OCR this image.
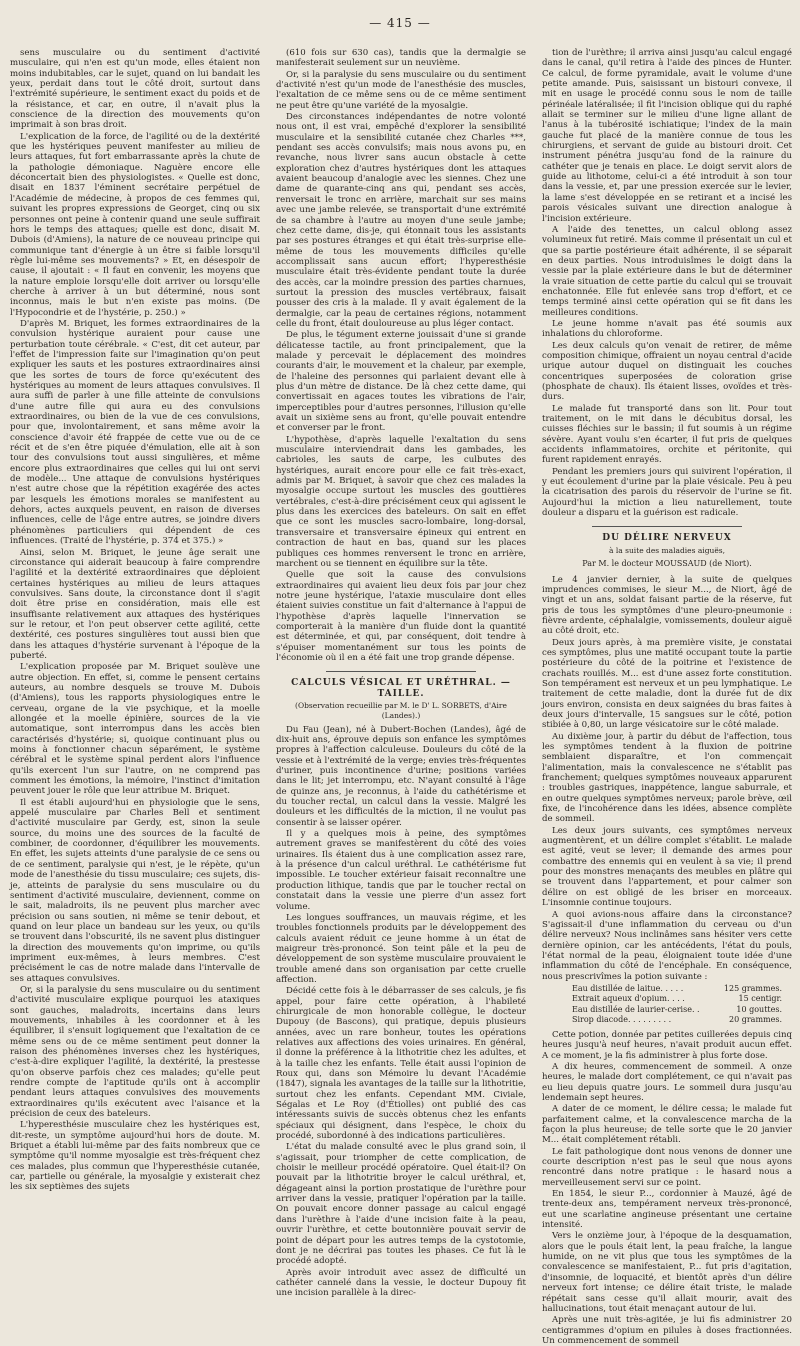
— 415 —

sens musculaire ou du sentiment d'activité musculaire, qui n'en est qu'un mode, elles étaient non moins indubitables, car le sujet, quand on lui bandait les yeux, perdait dans tout le côté droit, surtout dans l'extrémité supérieure, le sentiment exact du poids et de la résistance, et car, en outre, il n'avait plus la conscience de la direction des mouvements qu'on imprimait à son bras droit.

L'explication de la force, de l'agilité ou de la dextérité que les hystériques peuvent manifester au milieu de leurs attaques, fut fort embarrassante après la chute de la pathologie démoniaque. Naguère encore elle déconcertait bien des physiologistes. « Quelle est donc, disait en 1837 l'éminent secrétaire perpétuel de l'Académie de médecine, à propos de ces femmes qui, suivant les propres expressions de Georget, cinq ou six personnes ont peine à contenir quand une seule suffirait hors le temps des attaques; quelle est donc, disait M. Dubois (d'Amiens), la nature de ce nouveau principe qui communique tant d'énergie à un être si faible lorsqu'il règle lui-même ses mouvements? » Et, en désespoir de cause, il ajoutait : « Il faut en convenir, les moyens que la nature emploie lorsqu'elle doit arriver ou lorsqu'elle cherche à arriver à un but déterminé, nous sont inconnus, mais le but n'en existe pas moins. (De l'Hypocondrie et de l'hystérie, p. 250.) »

D'après M. Briquet, les formes extraordinaires de la convulsion hystérique auraient pour cause une perturbation toute cérébrale. « C'est, dit cet auteur, par l'effet de l'impression faite sur l'imagination qu'on peut expliquer les sauts et les postures extraordinaires ainsi que les sortes de tours de force qu'exécutent des hystériques au moment de leurs attaques convulsives. Il aura suffi de parler à une fille atteinte de convulsions d'une autre fille qui aura eu des convulsions extraordinaires, ou bien de la vue de ces convulsions, pour que, involontairement, et sans même avoir la conscience d'avoir été frappée de cette vue ou de ce récit et de s'en être piquée d'émulation, elle ait à son tour des convulsions tout aussi singulières, et même encore plus extraordinaires que celles qui lui ont servi de modèle... Une attaque de convulsions hystériques n'est autre chose que la répétition exagérée des actes par lesquels les émotions morales se manifestent au dehors, actes auxquels peuvent, en raison de diverses influences, celle de l'âge entre autres, se joindre divers phénomènes particuliers qui dépendent de ces influences. (Traité de l'hystérie, p. 374 et 375.) »

Ainsi, selon M. Briquet, le jeune âge serait une circonstance qui aiderait beaucoup à faire comprendre l'agilité et la dextérité extraordinaires que déploient certaines hystériques au milieu de leurs attaques convulsives. Sans doute, la circonstance dont il s'agit doit être prise en considération, mais elle est insuffisante relativement aux attaques des hystériques sur le retour, et l'on peut observer cette agilité, cette dextérité, ces postures singulières tout aussi bien que dans les attaques d'hystérie survenant à l'époque de la puberté.

L'explication proposée par M. Briquet soulève une autre objection. En effet, si, comme le pensent certains auteurs, au nombre desquels se trouve M. Dubois (d'Amiens), tous les rapports physiologiques entre le cerveau, organe de la vie psychique, et la moelle allongée et la moelle épinière, sources de la vie automatique, sont interrompus dans les accès bien caractérisés d'hystérie; si, quoique continuant plus ou moins à fonctionner chacun séparément, le système cérébral et le système spinal perdent alors l'influence qu'ils exercent l'un sur l'autre, on ne comprend pas comment les émotions, la mémoire, l'instinct d'imitation peuvent jouer le rôle que leur attribue M. Briquet.

Il est établi aujourd'hui en physiologie que le sens, appelé musculaire par Charles Bell et sentiment d'activité musculaire par Gerdy, est, sinon la seule source, du moins une des sources de la faculté de combiner, de coordonner, d'équilibrer les mouvements. En effet, les sujets atteints d'une paralysie de ce sens ou de ce sentiment, paralysie qui n'est, je le répète, qu'un mode de l'anesthésie du tissu musculaire; ces sujets, dis-je, atteints de paralysie du sens musculaire ou du sentiment d'activité musculaire, deviennent, comme on le sait, maladroits, ils ne peuvent plus marcher avec précision ou sans soutien, ni même se tenir debout, et quand on leur place un bandeau sur les yeux, ou qu'ils se trouvent dans l'obscurité, ils ne savent plus distinguer la direction des mouvements qu'on imprime, ou qu'ils impriment eux-mêmes, à leurs membres. C'est précisément le cas de notre malade dans l'intervalle de ses attaques convulsives.

Or, si la paralysie du sens musculaire ou du sentiment d'activité musculaire explique pourquoi les ataxiques sont gauches, maladroits, incertains dans leurs mouvements, inhabiles à les coordonner et à les équilibrer, il s'ensuit logiquement que l'exaltation de ce même sens ou de ce même sentiment peut donner la raison des phénomènes inverses chez les hystériques, c'est-à-dire expliquer l'agilité, la dextérité, la prestesse qu'on observe parfois chez ces malades; qu'elle peut rendre compte de l'aptitude qu'ils ont à accomplir pendant leurs attaques convulsives des mouvements extraordinaires qu'ils exécutent avec l'aisance et la précision de ceux des bateleurs.

L'hyperesthésie musculaire chez les hystériques est, dit-reste, un symptôme aujourd'hui hors de doute. M. Briquet a établi lui-même par des faits nombreux que ce symptôme qu'il nomme myosalgie est très-fréquent chez ces malades, plus commun que l'hyperesthésie cutanée, car, partielle ou générale, la myosalgie y existerait chez les six septièmes des sujets

(610 fois sur 630 cas), tandis que la dermalgie se manifesterait seulement sur un neuvième.

Or, si la paralysie du sens musculaire ou du sentiment d'activité n'est qu'un mode de l'anesthésie des muscles, l'exaltation de ce même sens ou de ce même sentiment ne peut être qu'une variété de la myosalgie.

Des circonstances indépendantes de notre volonté nous ont, il est vrai, empêché d'explorer la sensibilité musculaire et la sensibilité cutanée chez Charles ***, pendant ses accès convulsifs; mais nous avons pu, en revanche, nous livrer sans aucun obstacle à cette exploration chez d'autres hystériques dont les attaques avaient beaucoup d'analogie avec les siennes. Chez une dame de quarante-cinq ans qui, pendant ses accès, renversait le tronc en arrière, marchait sur ses mains avec une jambe relevée, se transportait d'une extrémité de sa chambre à l'autre au moyen d'une seule jambe; chez cette dame, dis-je, qui étonnait tous les assistants par ses postures étranges et qui était très-surprise elle-même de tous les mouvements difficiles qu'elle accomplissait sans aucun effort; l'hyperesthésie musculaire était très-évidente pendant toute la durée des accès, car la moindre pression des parties charnues, surtout la pression des muscles vertébraux, faisait pousser des cris à la malade. Il y avait également de la dermalgie, car la peau de certaines régions, notamment celle du front, était douloureuse au plus léger contact.

De plus, le tégument externe jouissait d'une si grande délicatesse tactile, au front principalement, que la malade y percevait le déplacement des moindres courants d'air, le mouvement et la chaleur, par exemple, de l'haleine des personnes qui parlaient devant elle à plus d'un mètre de distance. De là chez cette dame, qui convertissait en agaces toutes les vibrations de l'air, imperceptibles pour d'autres personnes, l'illusion qu'elle avait un sixième sens au front, qu'elle pouvait entendre et converser par le front.

L'hypothèse, d'après laquelle l'exaltation du sens musculaire interviendrait dans les gambades, les cabrioles, les sauts de carpe, les culbutes des hystériques, aurait encore pour elle ce fait très-exact, admis par M. Briquet, à savoir que chez ces malades la myosalgie occupe surtout les muscles des gouttières vertébrales, c'est-à-dire précisément ceux qui agissent le plus dans les exercices des bateleurs. On sait en effet que ce sont les muscles sacro-lombaire, long-dorsal, transversaire et transversaire épineux qui entrent en contraction de haut en bas, quand sur les places publiques ces hommes renversent le tronc en arrière, marchent ou se tiennent en équilibre sur la tête.

Quelle que soit la cause des convulsions extraordinaires qui avaient lieu deux fois par jour chez notre jeune hystérique, l'ataxie musculaire dont elles étaient suivies constitue un fait d'alternance à l'appui de l'hypothèse d'après laquelle l'innervation se comporterait à la manière d'un fluide dont la quantité est déterminée, et qui, par conséquent, doit tendre à s'épuiser momentanément sur tous les points de l'économie où il en a été fait une trop grande dépense.

CALCULS VÉSICAL ET URÉTHRAL. — TAILLE.
(Observation recueillie par M. le D' L. SORBETS, d'Aire (Landes).)

Du Fau (Jean), né à Dubert-Bochen (Landes), âgé de dix-huit ans, éprouve depuis son enfance les symptômes propres à l'affection calculeuse. Douleurs du côté de la vessie et à l'extrémité de la verge; envies très-fréquentes d'uriner, puis incontinence d'urine; positions variées dans le lit; jet interrompu, etc. N'ayant consulté à l'âge de quinze ans, je reconnus, à l'aide du cathétérisme et du toucher rectal, un calcul dans la vessie. Malgré les douleurs et les difficultés de la miction, il ne voulut pas consentir à se laisser opérer.

Il y a quelques mois à peine, des symptômes autrement graves se manifestèrent du côté des voies urinaires. Ils étaient dus à une complication assez rare, à la présence d'un calcul uréthral. Le cathétérisme fut impossible. Le toucher extérieur faisait reconnaître une production lithique, tandis que par le toucher rectal on constatait dans la vessie une pierre d'un assez fort volume.

Les longues souffrances, un mauvais régime, et les troubles fonctionnels produits par le développement des calculs avaient réduit ce jeune homme à un état de maigreur très-prononcé. Son teint pâle et la peu de développement de son système musculaire prouvaient le trouble amené dans son organisation par cette cruelle affection.

Décidé cette fois à le débarrasser de ses calculs, je fis appel, pour faire cette opération, à l'habileté chirurgicale de mon honorable collègue, le docteur Dupouy (de Bascons), qui pratique, depuis plusieurs années, avec un rare bonheur, toutes les opérations relatives aux affections des voies urinaires. En général, il donne la préférence à la lithotritie chez les adultes, et à la taille chez les enfants. Telle était aussi l'opinion de Roux qui, dans son Mémoire lu devant l'Académie (1847), signala les avantages de la taille sur la lithotritie, surtout chez les enfants. Cependant MM. Civiale, Ségalas et Le Roy (d'Étiolles) ont publié des cas intéressants suivis de succès obtenus chez les enfants spéciaux qui désignent, dans l'espèce, le choix du procédé, subordonné à des indications particulières.

L'état du malade consulté avec le plus grand soin, il s'agissait, pour triompher de cette complication, de choisir le meilleur procédé opératoire. Quel était-il? On pouvait par la lithotritie broyer le calcul uréthral, et, dégageant ainsi la portion prostatique de l'urèthre pour arriver dans la vessie, pratiquer l'opération par la taille. On pouvait encore donner passage au calcul engagé dans l'urèthre à l'aide d'une incision faite à la peau, ouvrir l'urèthre, et cette boutonnière pouvait servir de point de départ pour les autres temps de la cystotomie, dont je ne décrirai pas toutes les phases. Ce fut là le procédé adopté.

Après avoir introduit avec assez de difficulté un cathéter cannelé dans la vessie, le docteur Dupouy fit une incision parallèle à la direc-

tion de l'urèthre; il arriva ainsi jusqu'au calcul engagé dans le canal, qu'il retira à l'aide des pinces de Hunter. Ce calcul, de forme pyramidale, avait le volume d'une petite amande. Puis, saisissant un bistouri convexe, il mit en usage le procédé connu sous le nom de taille périnéale latéralisée; il fit l'incision oblique qui du raphé allait se terminer sur le milieu d'une ligne allant de l'anus à la tubérosité ischiatique; l'index de la main gauche fut placé de la manière connue de tous les chirurgiens, et servant de guide au bistouri droit. Cet instrument pénétra jusqu'au fond de la rainure du cathéter que je tenais en place. Le doigt servit alors de guide au lithotome, celui-ci a été introduit à son tour dans la vessie, et, par une pression exercée sur le levier, la lame s'est développée en se retirant et a incisé les parois vésicales suivant une direction analogue à l'incision extérieure.

A l'aide des tenettes, un calcul oblong assez volumineux fut retiré. Mais comme il présentait un cul et que sa partie postérieure était adhérente, il se séparait en deux parties. Nous introduisîmes le doigt dans la vessie par la plaie extérieure dans le but de déterminer la vraie situation de cette partie du calcul qui se trouvait enchatonnée. Elle fut enlevée sans trop d'effort, et ce temps terminé ainsi cette opération qui se fit dans les meilleures conditions.

Le jeune homme n'avait pas été soumis aux inhalations du chloroforme.

Les deux calculs qu'on venait de retirer, de même composition chimique, offraient un noyau central d'acide urique autour duquel on distinguait les couches concentriques superposées de coloration grise (phosphate de chaux). Ils étaient lisses, ovoïdes et très-durs.

Le malade fut transporté dans son lit. Pour tout traitement, on le mit dans le décubitus dorsal, les cuisses fléchies sur le bassin; il fut soumis à un régime sévère. Ayant voulu s'en écarter, il fut pris de quelques accidents inflammatoires, orchite et péritonite, qui furent rapidement enrayés.

Pendant les premiers jours qui suivirent l'opération, il y eut écoulement d'urine par la plaie vésicale. Peu à peu la cicatrisation des parois du réservoir de l'urine se fit. Aujourd'hui la miction a lieu naturellement, toute douleur a disparu et la guérison est radicale.

DU DÉLIRE NERVEUX
à la suite des maladies aiguës,
Par M. le docteur MOUSSAUD (de Niort).

Le 4 janvier dernier, à la suite de quelques imprudences commises, le sieur M..., de Niort, âgé de vingt et un ans, soldat faisant partie de la réserve, fut pris de tous les symptômes d'une pleuro-pneumonie : fièvre ardente, céphalalgie, vomissements, douleur aiguë au côté droit, etc.

Deux jours après, à ma première visite, je constatai ces symptômes, plus une matité occupant toute la partie postérieure du côté de la poitrine et l'existence de crachats rouillés. M... est d'une assez forte constitution. Son tempérament est nerveux et un peu lymphatique. Le traitement de cette maladie, dont la durée fut de dix jours environ, consista en deux saignées du bras faites à deux jours d'intervalle, 15 sangsues sur le côté, potion stibiée à 0,80, un large vésicatoire sur le côté malade.

Au dixième jour, à partir du début de l'affection, tous les symptômes tendent à la fluxion de poitrine semblaient disparaître, et l'on commençait l'alimentation, mais la convalescence ne s'établit pas franchement; quelques symptômes nouveaux apparurent : troubles gastriques, inappétence, langue saburrale, et en outre quelques symptômes nerveux; parole brève, œil fixe, de l'incohérence dans les idées, absence complète de sommeil.

Les deux jours suivants, ces symptômes nerveux augmentèrent, et un délire complet s'établit. Le malade est agité, veut se lever; il demande des armes pour combattre des ennemis qui en veulent à sa vie; il prend pour des monstres menaçants des meubles en plâtre qui se trouvent dans l'appartement, et pour calmer son délire on est obligé de les briser en morceaux. L'insomnie continue toujours.

A quoi avions-nous affaire dans la circonstance? S'agissait-il d'une inflammation du cerveau ou d'un délire nerveux? Nous inclinâmes sans hésiter vers cette dernière opinion, car les antécédents, l'état du pouls, l'état normal de la peau, éloignaient toute idée d'une inflammation du côté de l'encéphale. En conséquence, nous prescrivîmes la potion suivante :

Eau distillée de laitue. . . . .	125 grammes.
Extrait aqueux d'opium. . . .	15 centigr.
Eau distillée de laurier-cerise. .	10 gouttes.
Sirop diacode. . . . . . . . .	20 grammes.

Cette potion, donnée par petites cuillerées depuis cinq heures jusqu'à neuf heures, n'avait produit aucun effet. A ce moment, je la fis administrer à plus forte dose.

A dix heures, commencement de sommeil. A onze heures, le malade dort complétement, ce qui n'avait pas eu lieu depuis quatre jours. Le sommeil dura jusqu'au lendemain sept heures.

A dater de ce moment, le délire cessa; le malade fut parfaitement calme, et la convalescence marcha de la façon la plus heureuse; de telle sorte que le 20 janvier M... était complétement rétabli.

Le fait pathologique dont nous venons de donner une courte description n'est pas le seul que nous ayons rencontré dans notre pratique : le hasard nous a merveilleusement servi sur ce point.

En 1854, le sieur P..., cordonnier à Mauzé, âgé de trente-deux ans, tempérament nerveux très-prononcé, eut une scarlatine angineuse présentant une certaine intensité.

Vers le onzième jour, à l'époque de la desquamation, alors que le pouls était lent, la peau fraîche, la langue humide, on ne vit plus que tous les symptômes de la convalescence se manifestaient, P... fut pris d'agitation, d'insomnie, de loquacité, et bientôt après d'un délire nerveux fort intense; ce délire était triste, le malade répétait sans cesse qu'il allait mourir, avait des hallucinations, tout était menaçant autour de lui.

Après une nuit très-agitée, je lui fis administrer 20 centigrammes d'opium en pilules à doses fractionnées. Un commencement de sommeil
